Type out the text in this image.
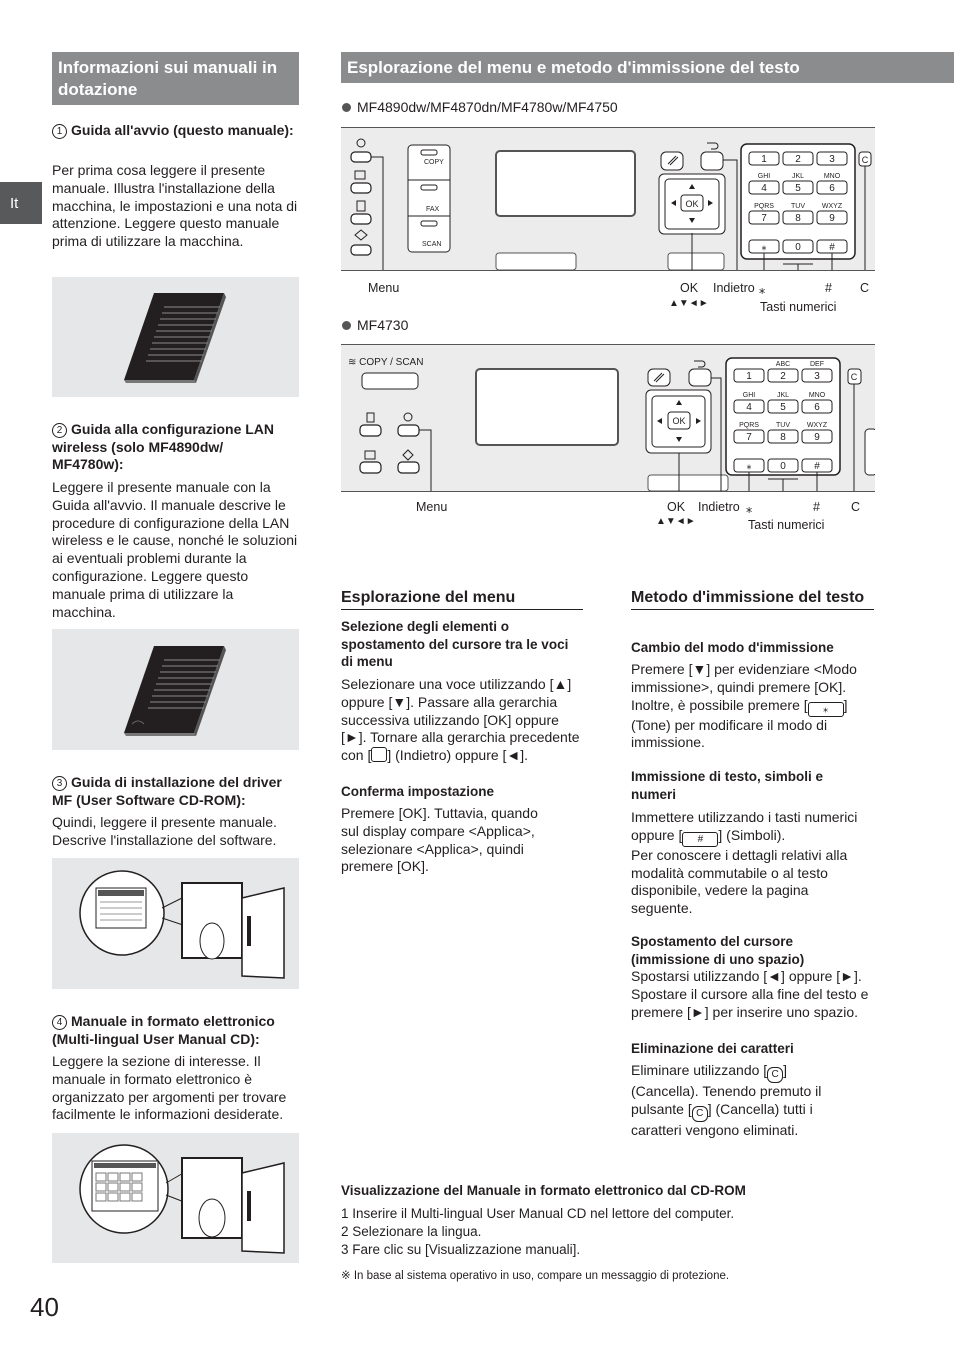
It
40
Informazioni sui manuali in dotazione
1 Guida all'avvio (questo manuale):
Per prima cosa leggere il presente manuale. Illustra l'installazione della macchina, le impostazioni e una nota di attenzione. Leggere questo manuale prima di utilizzare la macchina.
2 Guida alla configurazione LAN wireless (solo MF4890dw/ MF4780w):
Leggere il presente manuale con la Guida all'avvio. Il manuale descrive le procedure di configurazione della LAN wireless e le cause, nonché le soluzioni ai eventuali problemi durante la configurazione. Leggere questo manuale prima di utilizzare la macchina.
3 Guida di installazione del driver MF (User Software CD-ROM):
Quindi, leggere il presente manuale. Descrive l'installazione del software.
4 Manuale in formato elettronico (Multi-lingual User Manual CD):
Leggere la sezione di interesse. Il manuale in formato elettronico è organizzato per argomenti per trovare facilmente le informazioni desiderate.
Esplorazione del menu e metodo d'immissione del testo
MF4890dw/MF4870dn/MF4780w/MF4750
OK
1	2	3
4	5	6
7	8	9
⁎	0	#
GHI	JKL	MNO
PQRS TUV WXYZ
C
COPY
FAX
SCAN
Menu	OK
▲▼◄►
Indietro ⁎
Tasti numerici
# C
MF4730
OK
1	2	3
4	5	6
7	8	9
⁎	0	#
ABC	DEF
GHI	JKL	MNO
PQRS TUV WXYZ
C
≋ COPY / SCAN
Menu	OK
▲▼◄►
Indietro ⁎
Tasti numerici
# C
Esplorazione del menu
Selezione degli elementi o spostamento del cursore tra le voci di menu
Selezionare una voce utilizzando [▲] oppure [▼]. Passare alla gerarchia successiva utilizzando [OK] oppure [►]. Tornare alla gerarchia precedente con [ ] (Indietro) oppure [◄].
Conferma impostazione
Premere [OK]. Tuttavia, quando sul display compare <Applica>, selezionare <Applica>, quindi premere [OK].
Metodo d'immissione del testo
Cambio del modo d'immissione
Premere [▼] per evidenziare <Modo immissione>, quindi premere [OK]. Inoltre, è possibile premere [ ⁎ ] (Tone) per modificare il modo di immissione.
Immissione di testo, simboli e numeri
Immettere utilizzando i tasti numerici oppure [ # ] (Simboli).
Per conoscere i dettagli relativi alla modalità commutabile o al testo disponibile, vedere la pagina seguente.
Spostamento del cursore (immissione di uno spazio)
Spostarsi utilizzando [◄] oppure [►]. Spostare il cursore alla fine del testo e premere [►] per inserire uno spazio.
Eliminazione dei caratteri
Eliminare utilizzando [ C ] (Cancella). Tenendo premuto il pulsante [ C ] (Cancella) tutti i caratteri vengono eliminati.
Visualizzazione del Manuale in formato elettronico dal CD-ROM
1 Inserire il Multi-lingual User Manual CD nel lettore del computer.
2 Selezionare la lingua.
3 Fare clic su [Visualizzazione manuali].
※ In base al sistema operativo in uso, compare un messaggio di protezione.
